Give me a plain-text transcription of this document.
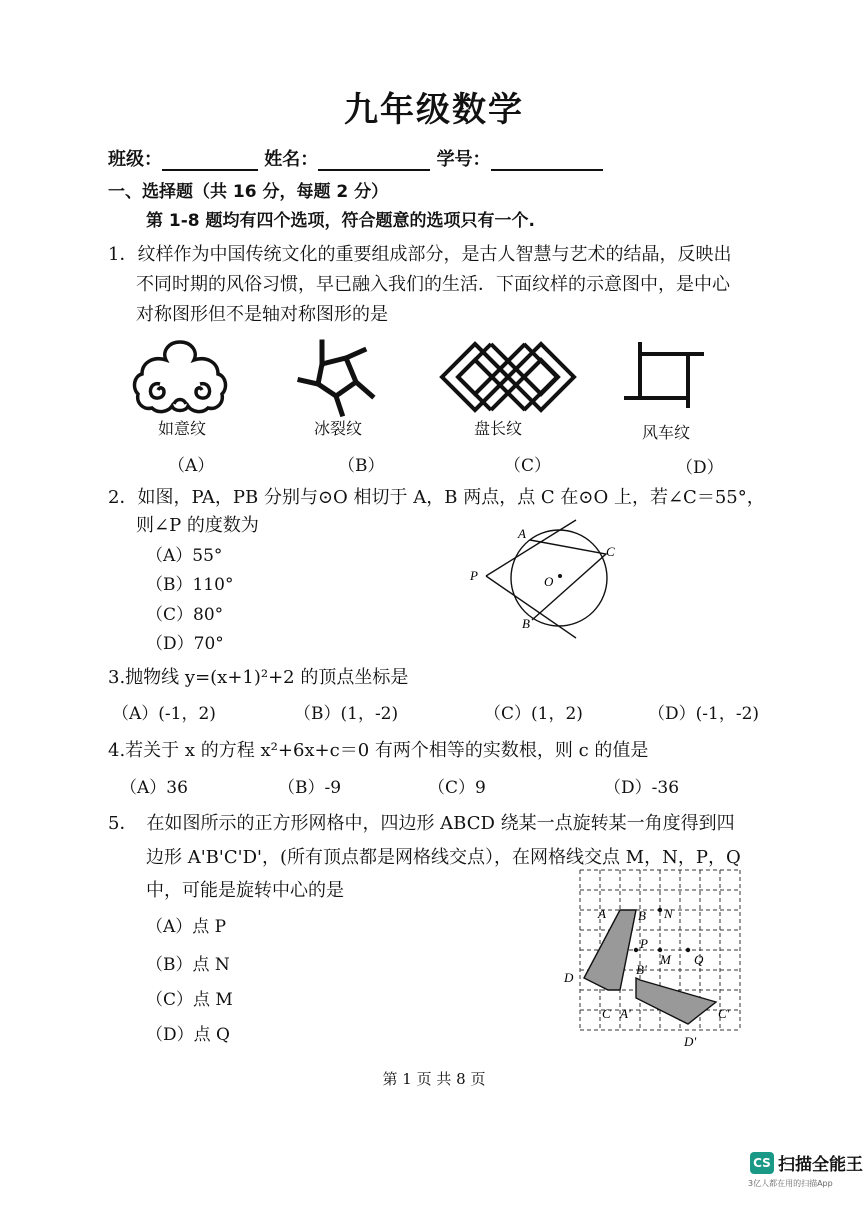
九年级数学
班级：	姓名：	学号：
一、选择题（共 16 分，每题 2 分）
第 1-8 题均有四个选项，符合题意的选项只有一个.
1．纹样作为中国传统文化的重要组成部分，是古人智慧与艺术的结晶，反映出
不同时期的风俗习惯，早已融入我们的生活．下面纹样的示意图中，是中心
对称图形但不是轴对称图形的是
如意纹
（A）
冰裂纹
（B）
盘长纹
（C）
风车纹
（D）
2．如图，PA，PB 分别与⊙O 相切于 A，B 两点，点 C 在⊙O 上，若∠C＝55°，
则∠P 的度数为
（A）55°
（B）110°
（C）80°
（D）70°
A
C
P	O
B
3.抛物线 y=(x+1)²+2 的顶点坐标是
（A）(-1，2)	（B）(1，-2)	（C）(1，2)	（D）(-1，-2)
4.若关于 x 的方程 x²+6x+c＝0 有两个相等的实数根，则 c 的值是
（A）36	（B）-9	（C）9	（D）-36
5．　在如图所示的正方形网格中，四边形 ABCD 绕某一点旋转某一角度得到四
边形 A'B'C'D'，(所有顶点都是网格线交点），在网格线交点 M，N，P，Q
中，可能是旋转中心的是
（A）点 P
（B）点 N
（C）点 M
（D）点 Q
A B N
P
M Q
B'
D
C A'	C'
D'
第 1 页 共 8 页
CS 扫描全能王
3亿人都在用的扫描App
